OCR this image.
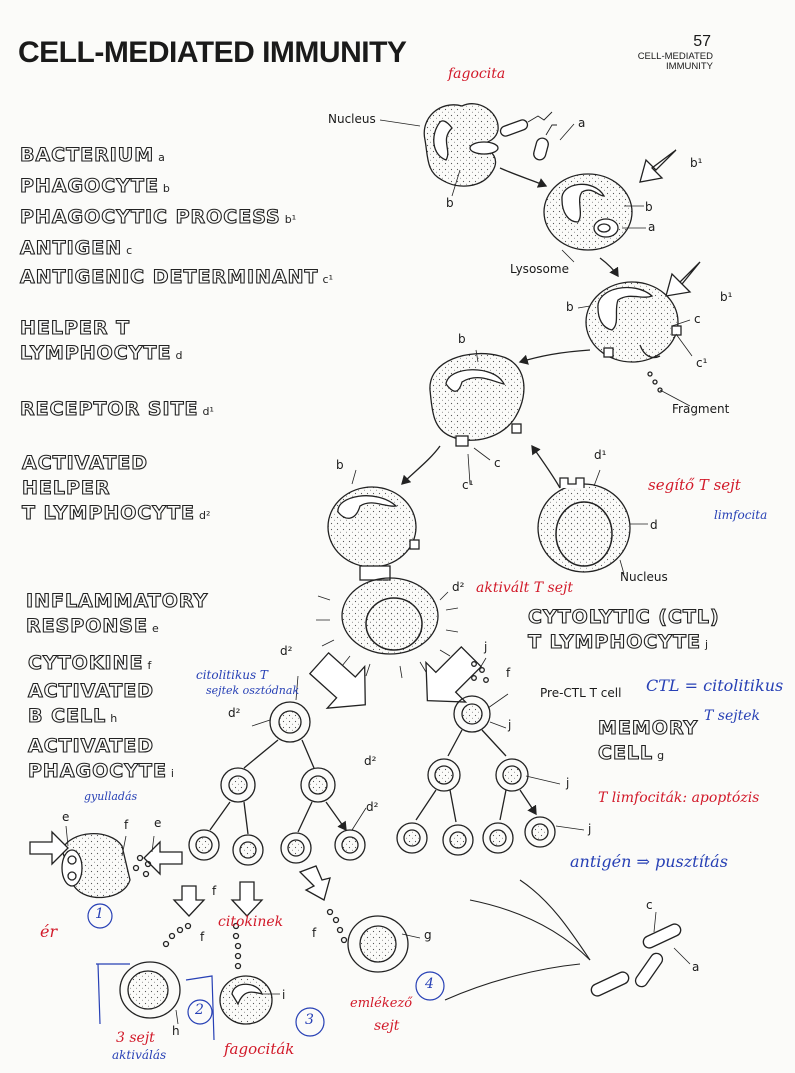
CELL-MEDIATED IMMUNITY	57
CELL-MEDIATED
IMMUNITY
BACTERIUM a
PHAGOCYTE b
PHAGOCYTIC PROCESS b¹
ANTIGEN c
ANTIGENIC DETERMINANT c¹
HELPER T
LYMPHOCYTE d
RECEPTOR SITE d¹
ACTIVATED
HELPER
T LYMPHOCYTE d²
INFLAMMATORY
RESPONSE e
CYTOKINE f
ACTIVATED
B CELL h
ACTIVATED
PHAGOCYTE i
CYTOLYTIC (CTL)
T LYMPHOCYTE j
MEMORY
CELL g
Nucleus	a
b
b¹
b
a
Lysosome
b¹
b
c
c¹
Fragment
b
c
c¹
d¹
b
d
Nucleus
d²
j
f
d²
Pre-CTL T cell
d²
j
d²
j
d²
j
e
f e
f
f	f	g
i
h
c
a
fagocita
segítő T sejt
limfocita
aktivált T sejt
citolitikus T
sejtek osztódnak	CTL = citolitikus
T sejtek
T limfociták: apoptózis
antigén ⇒ pusztítás
gyulladás
ér	citokinek
3 sejt
aktiválás	fagociták
emlékező
sejt
1
2
3
4
